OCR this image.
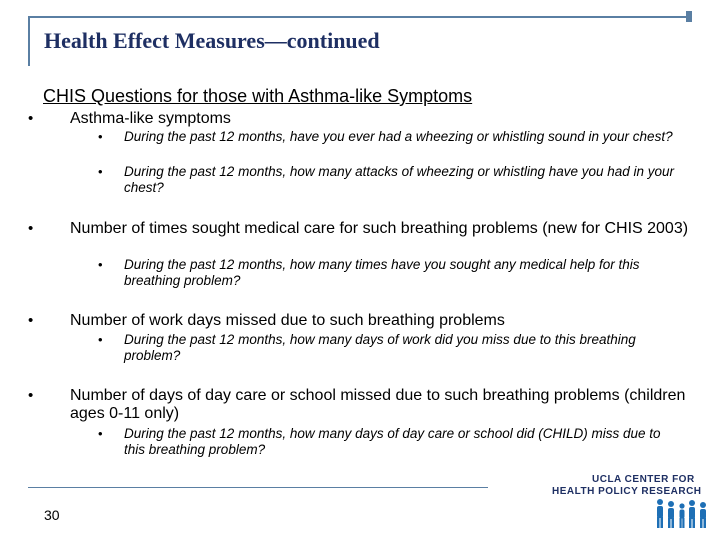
Health Effect Measures—continued
CHIS Questions for those with Asthma-like Symptoms
• Asthma-like symptoms
• During the past 12 months, have you ever had a wheezing or whistling sound in your chest?
• During the past 12 months, how many attacks of wheezing or whistling have you had in your chest?
• Number of times sought medical care for such breathing problems (new for CHIS 2003)
• During the past 12 months, how many times have you sought any medical help for this breathing problem?
• Number of work days missed due to such breathing problems
• During the past 12 months, how many days of work did you miss due to this breathing problem?
• Number of days of day care or school missed due to such breathing problems (children ages 0-11 only)
• During the past 12 months, how many days of day care or school did (CHILD) miss due to this breathing problem?
30
UCLA CENTER FOR
HEALTH POLICY RESEARCH
